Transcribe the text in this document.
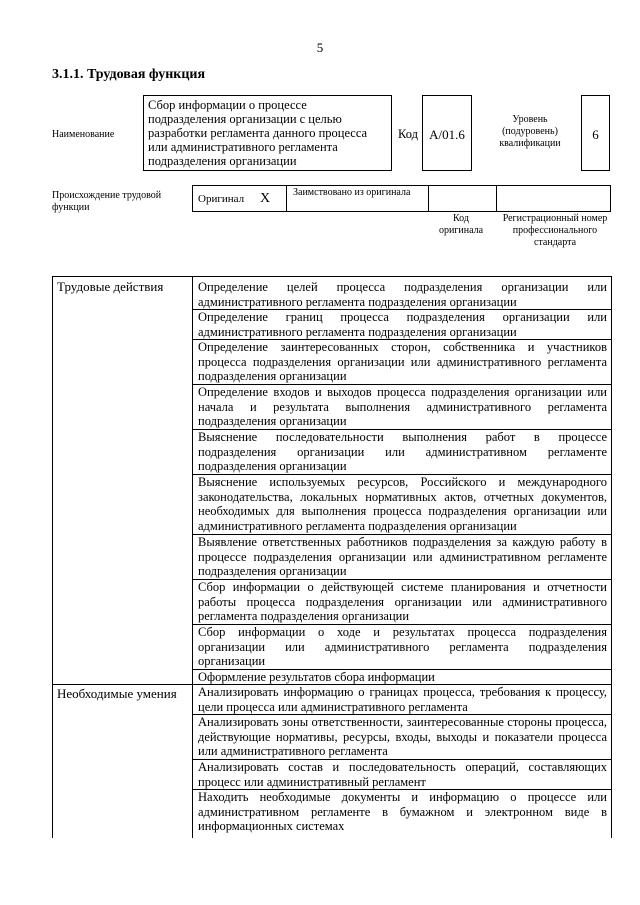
5
3.1.1. Трудовая функция
Наименование
Сбор информации о процессе подразделения организации с целью разработки регламента данного процесса или административного регламента подразделения организации
Код A/01.6
Уровень (подуровень) квалификации
6
Происхождение трудовой функции
Оригинал X Заимствовано из оригинала
Код оригинала
Регистрационный номер профессионального стандарта
Трудовые действия
Необходимые умения
Определение целей процесса подразделения организации или административного регламента подразделения организации
Определение границ процесса подразделения организации или административного регламента подразделения организации
Определение заинтересованных сторон, собственника и участников процесса подразделения организации или административного регламента подразделения организации
Определение входов и выходов процесса подразделения организации или начала и результата выполнения административного регламента подразделения организации
Выяснение последовательности выполнения работ в процессе подразделения организации или административном регламенте подразделения организации
Выяснение используемых ресурсов, Российского и международного законодательства, локальных нормативных актов, отчетных документов, необходимых для выполнения процесса подразделения организации или административного регламента подразделения организации
Выявление ответственных работников подразделения за каждую работу в процессе подразделения организации или административном регламенте подразделения организации
Сбор информации о действующей системе планирования и отчетности работы процесса подразделения организации или административного регламента подразделения организации
Сбор информации о ходе и результатах процесса подразделения организации или административного регламента подразделения организации
Оформление результатов сбора информации
Анализировать информацию о границах процесса, требования к процессу, цели процесса или административного регламента
Анализировать зоны ответственности, заинтересованные стороны процесса, действующие нормативы, ресурсы, входы, выходы и показатели процесса или административного регламента
Анализировать состав и последовательность операций, составляющих процесс или административный регламент
Находить необходимые документы и информацию о процессе или административном регламенте в бумажном и электронном виде в информационных системах
